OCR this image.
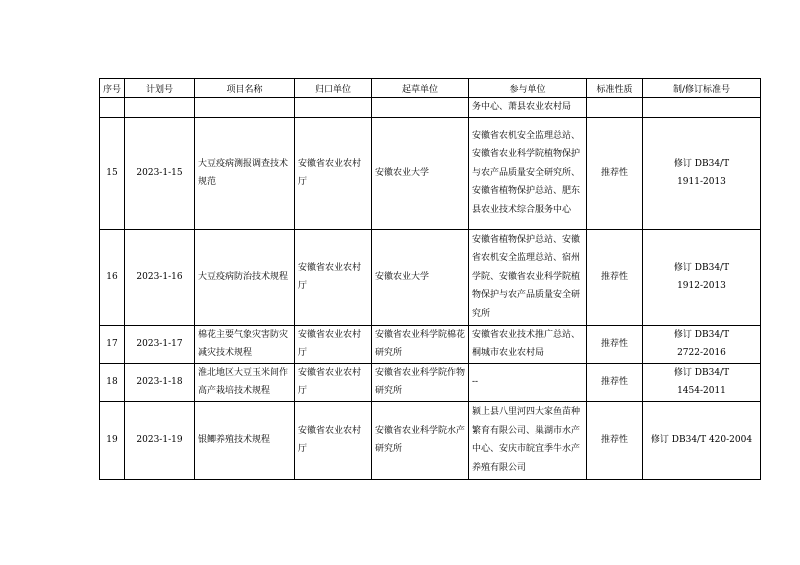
序号	计划号	项目名称	归口单位	起草单位	参与单位	标准性质	制/修订标准号
					务中心、萧县农业农村局		
15	2023-1-15	大豆疫病测报调查技术规范	安徽省农业农村厅	安徽农业大学	安徽省农机安全监理总站、安徽省农业科学院植物保护与农产品质量安全研究所、安徽省植物保护总站、肥东县农业技术综合服务中心	推荐性	修订 DB34/T
1911-2013

16	2023-1-16	大豆疫病防治技术规程	安徽省农业农村厅	安徽农业大学	安徽省植物保护总站、安徽省农机安全监理总站、宿州学院、安徽省农业科学院植物保护与农产品质量安全研究所	推荐性	修订 DB34/T
1912-2013

17	2023-1-17	棉花主要气象灾害防灾减灾技术规程	安徽省农业农村厅	安徽省农业科学院棉花研究所	安徽省农业技术推广总站、桐城市农业农村局	推荐性	修订 DB34/T
2722-2016

18	2023-1-18	淮北地区大豆玉米间作高产栽培技术规程	安徽省农业农村厅	安徽省农业科学院作物研究所	--	推荐性	修订 DB34/T
1454-2011

19	2023-1-19	银鲫养殖技术规程	安徽省农业农村厅	安徽省农业科学院水产研究所	颍上县八里河四大家鱼苗种繁育有限公司、巢湖市水产中心、安庆市皖宜季牛水产养殖有限公司	推荐性	修订 DB34/T 420-2004
